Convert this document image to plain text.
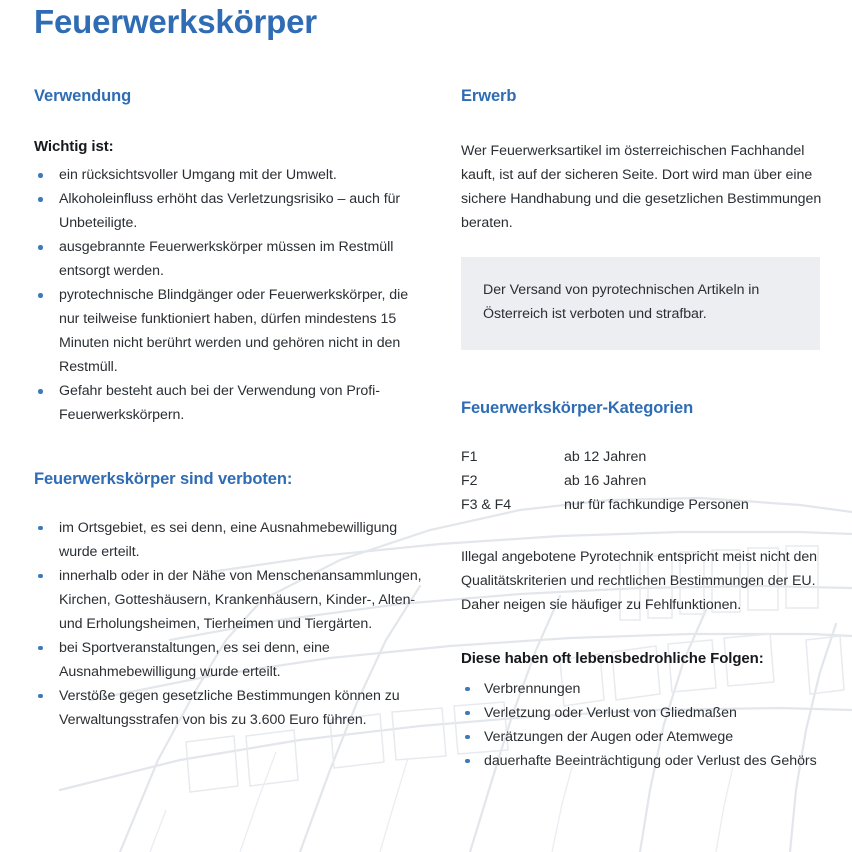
Feuerwerkskörper
Verwendung
Wichtig ist:
ein rücksichtsvoller Umgang mit der Umwelt.
Alkoholeinfluss erhöht das Verletzungsrisiko – auch für Unbeteiligte.
ausgebrannte Feuerwerkskörper müssen im Restmüll entsorgt werden.
pyrotechnische Blindgänger oder Feuerwerkskörper, die nur teilweise funktioniert haben, dürfen mindestens 15 Minuten nicht berührt werden und gehören nicht in den Restmüll.
Gefahr besteht auch bei der Verwendung von Profi-Feuerwerkskörpern.
Feuerwerkskörper sind verboten:
im Ortsgebiet, es sei denn, eine Ausnahmebewilligung wurde erteilt.
innerhalb oder in der Nähe von Menschenansammlungen, Kirchen, Gotteshäusern, Krankenhäusern, Kinder-, Alten- und Erholungsheimen, Tierheimen und Tiergärten.
bei Sportveranstaltungen, es sei denn, eine Ausnahmebewilligung wurde erteilt.
Verstöße gegen gesetzliche Bestimmungen können zu Verwaltungsstrafen von bis zu 3.600 Euro führen.
Erwerb

Wer Feuerwerksartikel im österreichischen Fachhandel kauft, ist auf der sicheren Seite. Dort wird man über eine sichere Handhabung und die gesetzlichen Bestimmungen beraten.

Der Versand von pyrotechnischen Artikeln in Österreich ist verboten und strafbar.

Feuerwerkskörper-Kategorien
F1	ab 12 Jahren
F2	ab 16 Jahren
F3 & F4	nur für fachkundige Personen

Illegal angebotene Pyrotechnik entspricht meist nicht den Qualitätskriterien und rechtlichen Bestimmungen der EU. Daher neigen sie häufiger zu Fehlfunktionen.

Diese haben oft lebensbedrohliche Folgen:
Verbrennungen
Verletzung oder Verlust von Gliedmaßen
Verätzungen der Augen oder Atemwege
dauerhafte Beeinträchtigung oder Verlust des Gehörs
